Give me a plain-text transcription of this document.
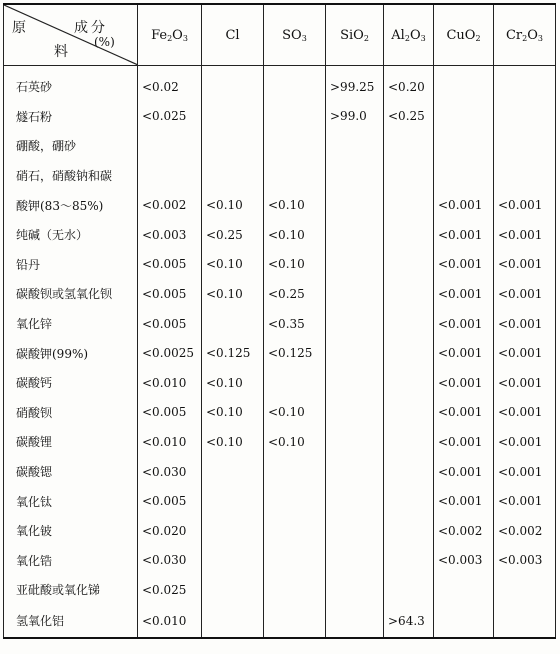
原
料
成分
(%)	$Fe_2O_3$	Cl	$SO_3$	SiO$_2$	$Al_2O_3$	CuO$_2$	$Cr_2O_3$
石英砂	<0.02			>99.25	<0.20		
燧石粉	<0.025			>99.0	<0.25		
硼酸，硼砂							
硝石，硝酸钠和碳							
酸钾(83～85%)	<0.002	<0.10	<0.10			<0.001	<0.001
纯碱（无水）	<0.003	<0.25	<0.10			<0.001	<0.001
铅丹	<0.005	<0.10	<0.10			<0.001	<0.001
碳酸钡或氢氧化钡	<0.005	<0.10	<0.25			<0.001	<0.001
氧化锌	<0.005		<0.35			<0.001	<0.001
碳酸钾(99%)	<0.0025	<0.125	<0.125			<0.001	<0.001
碳酸钙	<0.010	<0.10				<0.001	<0.001
硝酸钡	<0.005	<0.10	<0.10			<0.001	<0.001
碳酸锂	<0.010	<0.10	<0.10			<0.001	<0.001
碳酸锶	<0.030					<0.001	<0.001
氧化钛	<0.005					<0.001	<0.001
氧化铍	<0.020					<0.002	<0.002
氧化锆	<0.030					<0.003	<0.003
亚砒酸或氧化锑	<0.025						
氢氧化铝	<0.010				>64.3		
